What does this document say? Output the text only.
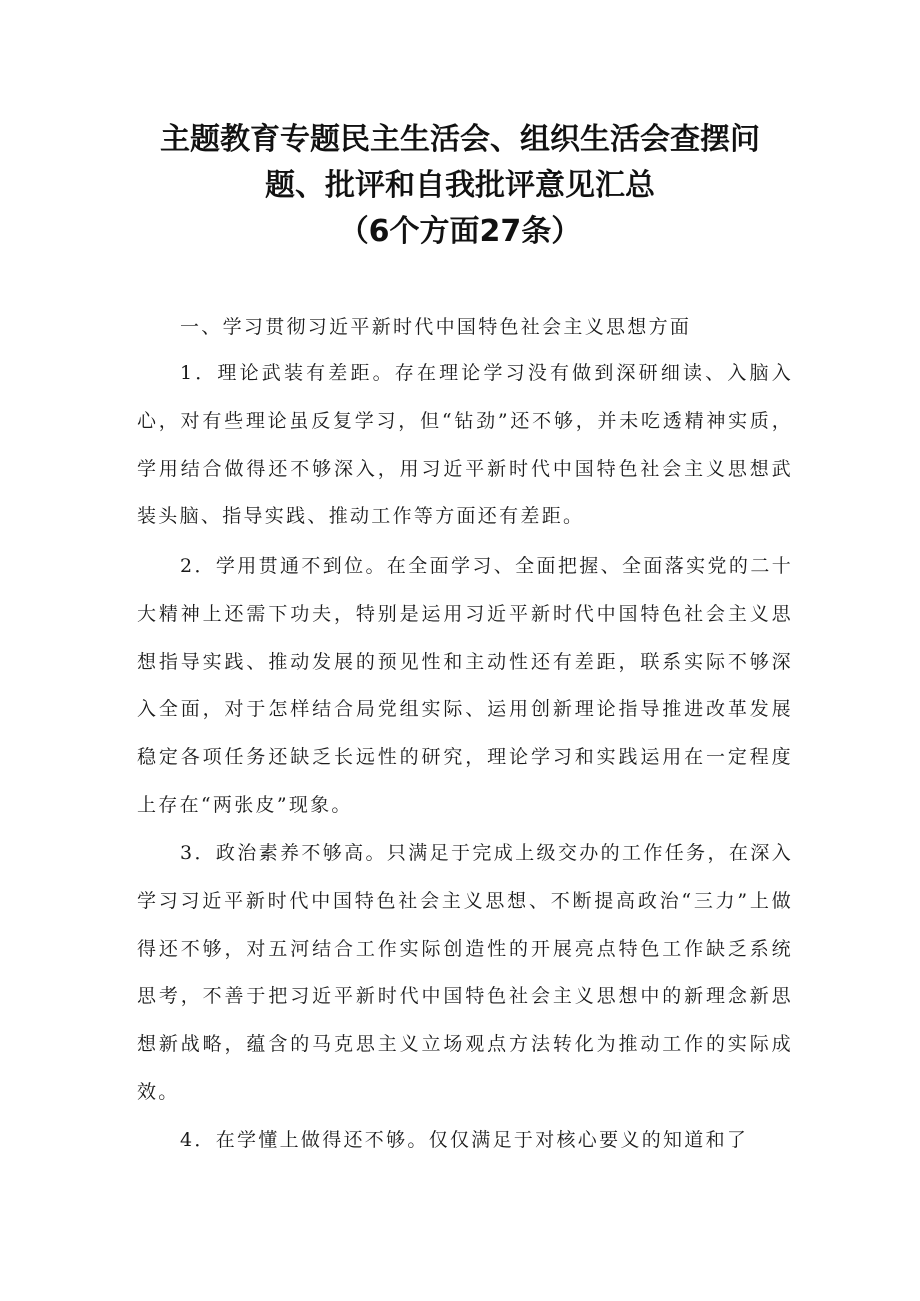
主题教育专题民主生活会、组织生活会查摆问
题、批评和自我批评意见汇总
（6个方面27条）
一、学习贯彻习近平新时代中国特色社会主义思想方面

1．理论武装有差距。存在理论学习没有做到深研细读、入脑入心，对有些理论虽反复学习，但“钻劲”还不够，并未吃透精神实质，学用结合做得还不够深入，用习近平新时代中国特色社会主义思想武装头脑、指导实践、推动工作等方面还有差距。

2．学用贯通不到位。在全面学习、全面把握、全面落实党的二十大精神上还需下功夫，特别是运用习近平新时代中国特色社会主义思想指导实践、推动发展的预见性和主动性还有差距，联系实际不够深入全面，对于怎样结合局党组实际、运用创新理论指导推进改革发展稳定各项任务还缺乏长远性的研究，理论学习和实践运用在一定程度上存在“两张皮”现象。

3．政治素养不够高。只满足于完成上级交办的工作任务，在深入学习习近平新时代中国特色社会主义思想、不断提高政治“三力”上做得还不够，对五河结合工作实际创造性的开展亮点特色工作缺乏系统思考，不善于把习近平新时代中国特色社会主义思想中的新理念新思想新战略，蕴含的马克思主义立场观点方法转化为推动工作的实际成效。

4．在学懂上做得还不够。仅仅满足于对核心要义的知道和了
